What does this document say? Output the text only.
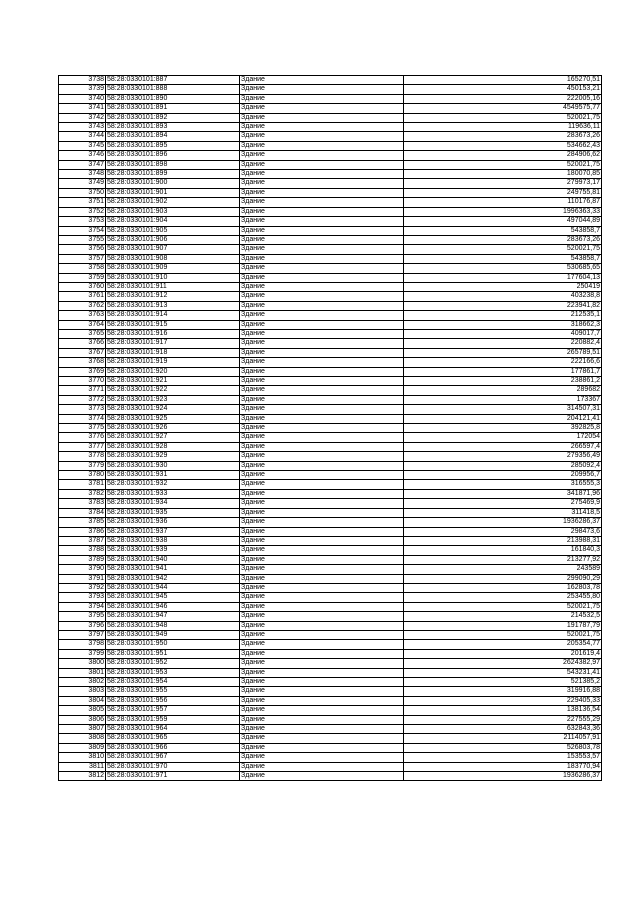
3738	58:28:0330101:887	Здание	165270,51
3739	58:28:0330101:888	Здание	450153,21
3740	58:28:0330101:890	Здание	222005,16
3741	58:28:0330101:891	Здание	4549575,77
3742	58:28:0330101:892	Здание	520021,75
3743	58:28:0330101:893	Здание	119636,11
3744	58:28:0330101:894	Здание	283673,26
3745	58:28:0330101:895	Здание	534662,43
3746	58:28:0330101:896	Здание	284906,62
3747	58:28:0330101:898	Здание	520021,75
3748	58:28:0330101:899	Здание	180070,85
3749	58:28:0330101:900	Здание	279973,17
3750	58:28:0330101:901	Здание	249755,81
3751	58:28:0330101:902	Здание	110176,87
3752	58:28:0330101:903	Здание	1996363,33
3753	58:28:0330101:904	Здание	497044,89
3754	58:28:0330101:905	Здание	543858,7
3755	58:28:0330101:906	Здание	283673,26
3756	58:28:0330101:907	Здание	520021,75
3757	58:28:0330101:908	Здание	543858,7
3758	58:28:0330101:909	Здание	530685,65
3759	58:28:0330101:910	Здание	177604,13
3760	58:28:0330101:911	Здание	250419
3761	58:28:0330101:912	Здание	403238,8
3762	58:28:0330101:913	Здание	223941,82
3763	58:28:0330101:914	Здание	212535,1
3764	58:28:0330101:915	Здание	318662,3
3765	58:28:0330101:916	Здание	409017,7
3766	58:28:0330101:917	Здание	220882,4
3767	58:28:0330101:918	Здание	265789,51
3768	58:28:0330101:919	Здание	222166,6
3769	58:28:0330101:920	Здание	177861,7
3770	58:28:0330101:921	Здание	238861,2
3771	58:28:0330101:922	Здание	289682
3772	58:28:0330101:923	Здание	173367
3773	58:28:0330101:924	Здание	314507,31
3774	58:28:0330101:925	Здание	204121,41
3775	58:28:0330101:926	Здание	392825,8
3776	58:28:0330101:927	Здание	172054
3777	58:28:0330101:928	Здание	266597,4
3778	58:28:0330101:929	Здание	279356,49
3779	58:28:0330101:930	Здание	285092,4
3780	58:28:0330101:931	Здание	209956,7
3781	58:28:0330101:932	Здание	316555,3
3782	58:28:0330101:933	Здание	341871,96
3783	58:28:0330101:934	Здание	275469,9
3784	58:28:0330101:935	Здание	311418,5
3785	58:28:0330101:936	Здание	1936286,37
3786	58:28:0330101:937	Здание	298473,6
3787	58:28:0330101:938	Здание	213988,31
3788	58:28:0330101:939	Здание	161840,3
3789	58:28:0330101:940	Здание	213277,92
3790	58:28:0330101:941	Здание	243589
3791	58:28:0330101:942	Здание	299090,29
3792	58:28:0330101:944	Здание	162803,78
3793	58:28:0330101:945	Здание	253455,80
3794	58:28:0330101:946	Здание	520021,75
3795	58:28:0330101:947	Здание	214532,5
3796	58:28:0330101:948	Здание	191787,79
3797	58:28:0330101:949	Здание	520021,75
3798	58:28:0330101:950	Здание	205354,77
3799	58:28:0330101:951	Здание	201619,4
3800	58:28:0330101:952	Здание	2624382,97
3801	58:28:0330101:953	Здание	543231,41
3802	58:28:0330101:954	Здание	521385,2
3803	58:28:0330101:955	Здание	319916,88
3804	58:28:0330101:956	Здание	229405,33
3805	58:28:0330101:957	Здание	138136,54
3806	58:28:0330101:959	Здание	227555,29
3807	58:28:0330101:964	Здание	632843,36
3808	58:28:0330101:965	Здание	2114057,91
3809	58:28:0330101:966	Здание	526803,78
3810	58:28:0330101:967	Здание	153553,57
3811	58:28:0330101:970	Здание	183770,94
3812	58:28:0330101:971	Здание	1936286,37
